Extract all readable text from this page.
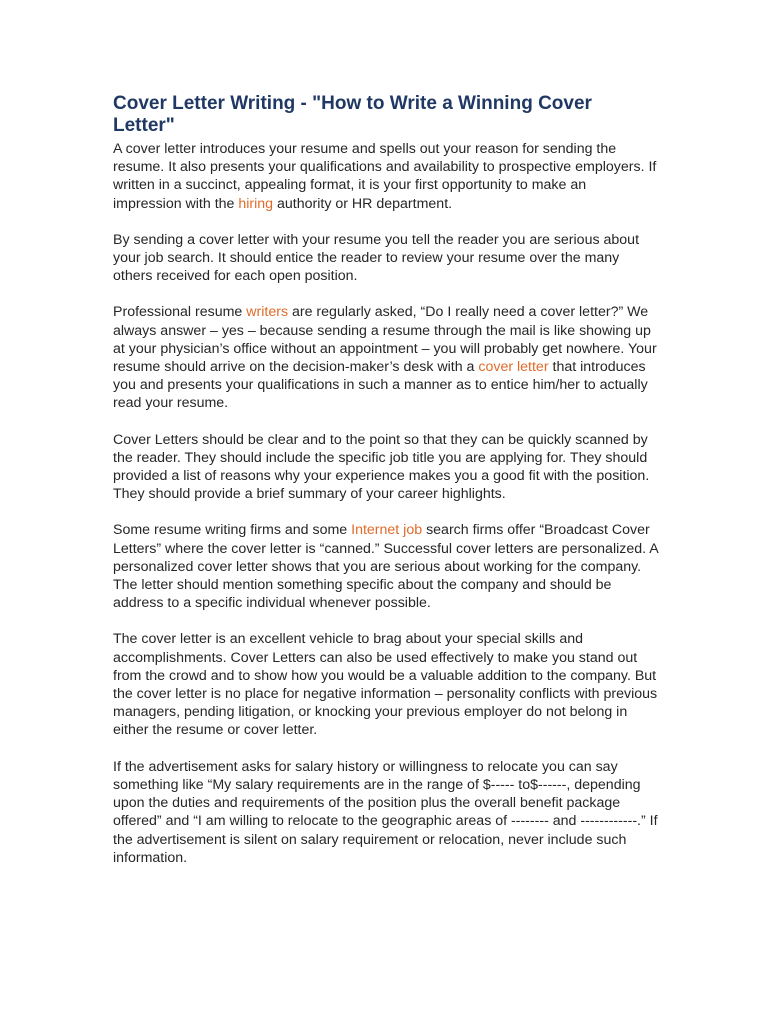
Cover Letter Writing - "How to Write a Winning Cover Letter"

A cover letter introduces your resume and spells out your reason for sending the resume. It also presents your qualifications and availability to prospective employers. If written in a succinct, appealing format, it is your first opportunity to make an impression with the hiring authority or HR department.

By sending a cover letter with your resume you tell the reader you are serious about your job search. It should entice the reader to review your resume over the many others received for each open position.

Professional resume writers are regularly asked, “Do I really need a cover letter?” We always answer – yes – because sending a resume through the mail is like showing up at your physician’s office without an appointment – you will probably get nowhere. Your resume should arrive on the decision-maker’s desk with a cover letter that introduces you and presents your qualifications in such a manner as to entice him/her to actually read your resume.

Cover Letters should be clear and to the point so that they can be quickly scanned by the reader. They should include the specific job title you are applying for. They should provided a list of reasons why your experience makes you a good fit with the position. They should provide a brief summary of your career highlights.

Some resume writing firms and some Internet job search firms offer “Broadcast Cover Letters” where the cover letter is “canned.” Successful cover letters are personalized. A personalized cover letter shows that you are serious about working for the company. The letter should mention something specific about the company and should be address to a specific individual whenever possible.

The cover letter is an excellent vehicle to brag about your special skills and accomplishments. Cover Letters can also be used effectively to make you stand out from the crowd and to show how you would be a valuable addition to the company. But the cover letter is no place for negative information – personality conflicts with previous managers, pending litigation, or knocking your previous employer do not belong in either the resume or cover letter.

If the advertisement asks for salary history or willingness to relocate you can say something like “My salary requirements are in the range of $----- to$------, depending upon the duties and requirements of the position plus the overall benefit package offered” and “I am willing to relocate to the geographic areas of -------- and ------------.” If the advertisement is silent on salary requirement or relocation, never include such information.
